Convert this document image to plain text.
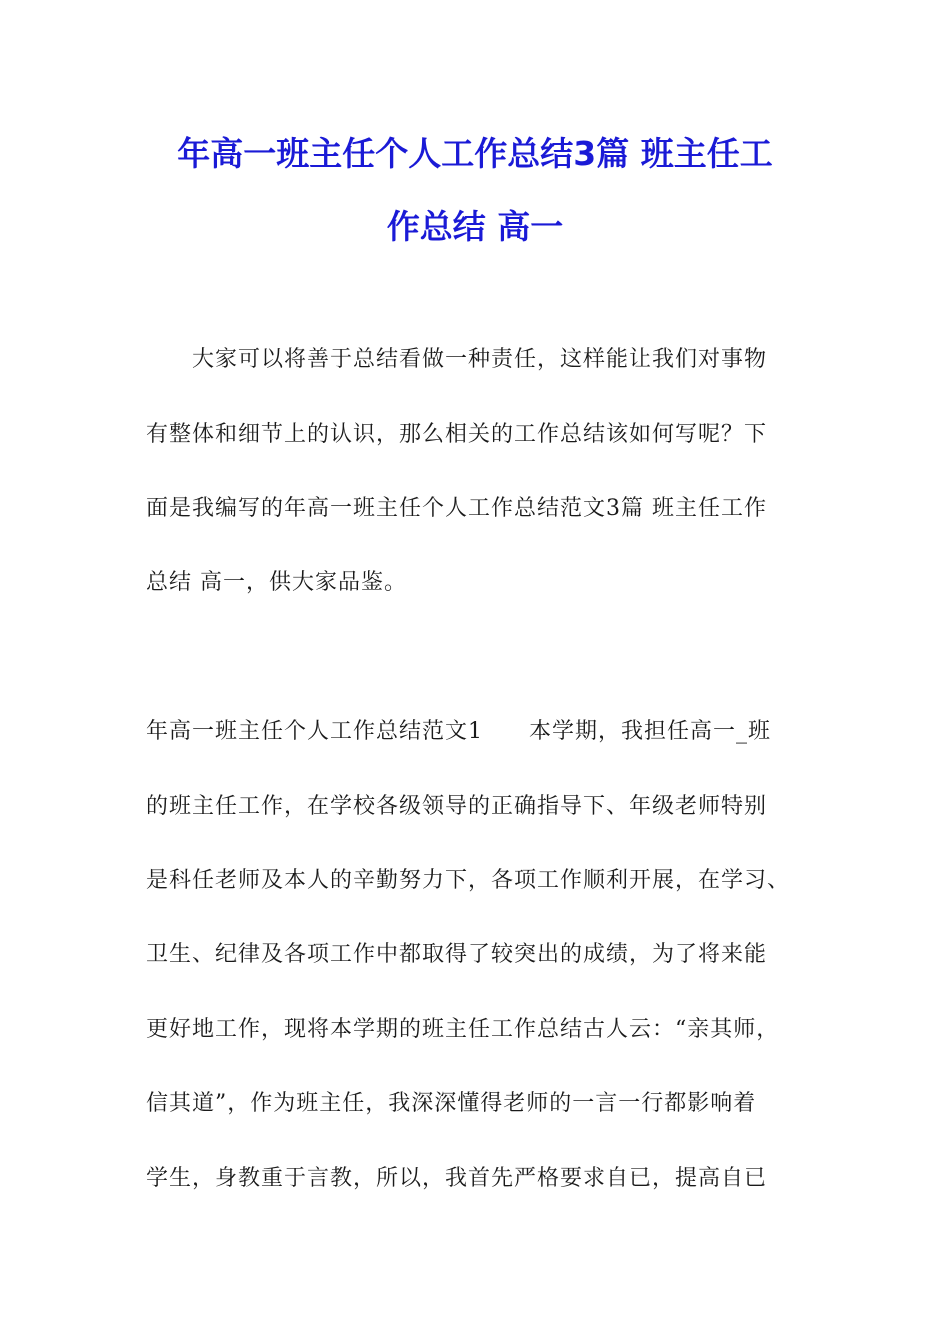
年高一班主任个人工作总结3篇 班主任工
作总结 高一
大家可以将善于总结看做一种责任，这样能让我们对事物
有整体和细节上的认识，那么相关的工作总结该如何写呢？下
面是我编写的年高一班主任个人工作总结范文3篇 班主任工作
总结 高一，供大家品鉴。
年高一班主任个人工作总结范文1　　本学期，我担任高一_班
的班主任工作，在学校各级领导的正确指导下、年级老师特别
是科任老师及本人的辛勤努力下，各项工作顺利开展，在学习、
卫生、纪律及各项工作中都取得了较突出的成绩，为了将来能
更好地工作，现将本学期的班主任工作总结古人云：“亲其师，
信其道”，作为班主任，我深深懂得老师的一言一行都影响着
学生，身教重于言教，所以，我首先严格要求自已，提高自已
